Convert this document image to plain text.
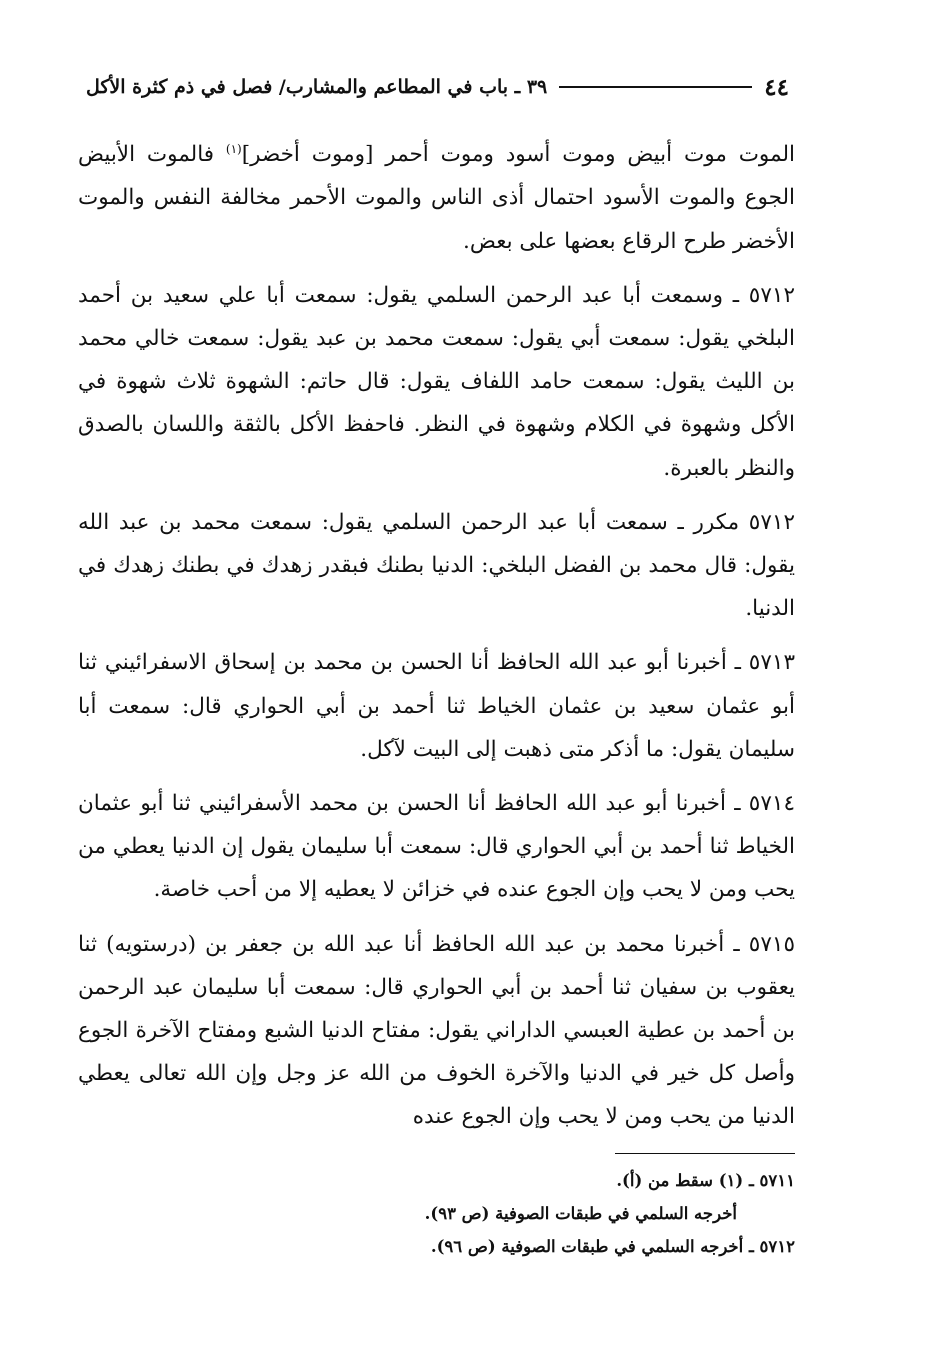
٤٤
٣٩ ـ باب في المطاعم والمشارب/ فصل في ذم كثرة الأكل

الموت موت أبيض وموت أسود وموت أحمر [وموت أخضر]$^{(١)}$ فالموت الأبيض الجوع والموت الأسود احتمال أذى الناس والموت الأحمر مخالفة النفس والموت الأخضر طرح الرقاع بعضها على بعض.

٥٧١٢ ـ وسمعت أبا عبد الرحمن السلمي يقول: سمعت أبا علي سعيد بن أحمد البلخي يقول: سمعت أبي يقول: سمعت محمد بن عبد يقول: سمعت خالي محمد بن الليث يقول: سمعت حامد اللفاف يقول: قال حاتم: الشهوة ثلاث شهوة في الأكل وشهوة في الكلام وشهوة في النظر. فاحفظ الأكل بالثقة واللسان بالصدق والنظر بالعبرة.

٥٧١٢ مكرر ـ سمعت أبا عبد الرحمن السلمي يقول: سمعت محمد بن عبد الله يقول: قال محمد بن الفضل البلخي: الدنيا بطنك فبقدر زهدك في بطنك زهدك في الدنيا.

٥٧١٣ ـ أخبرنا أبو عبد الله الحافظ أنا الحسن بن محمد بن إسحاق الاسفرائيني ثنا أبو عثمان سعيد بن عثمان الخياط ثنا أحمد بن أبي الحواري قال: سمعت أبا سليمان يقول: ما أذكر متى ذهبت إلى البيت لآكل.

٥٧١٤ ـ أخبرنا أبو عبد الله الحافظ أنا الحسن بن محمد الأسفرائيني ثنا أبو عثمان الخياط ثنا أحمد بن أبي الحواري قال: سمعت أبا سليمان يقول إن الدنيا يعطي من يحب ومن لا يحب وإن الجوع عنده في خزائن لا يعطيه إلا من أحب خاصة.

٥٧١٥ ـ أخبرنا محمد بن عبد الله الحافظ أنا عبد الله بن جعفر بن (درستويه) ثنا يعقوب بن سفيان ثنا أحمد بن أبي الحواري قال: سمعت أبا سليمان عبد الرحمن بن أحمد بن عطية العبسي الداراني يقول: مفتاح الدنيا الشبع ومفتاح الآخرة الجوع وأصل كل خير في الدنيا والآخرة الخوف من الله عز وجل وإن الله تعالى يعطي الدنيا من يحب ومن لا يحب وإن الجوع عنده

٥٧١١ ـ (١) سقط من (أ).
أخرجه السلمي في طبقات الصوفية (ص ٩٣).
٥٧١٢ ـ أخرجه السلمي في طبقات الصوفية (ص ٩٦).
